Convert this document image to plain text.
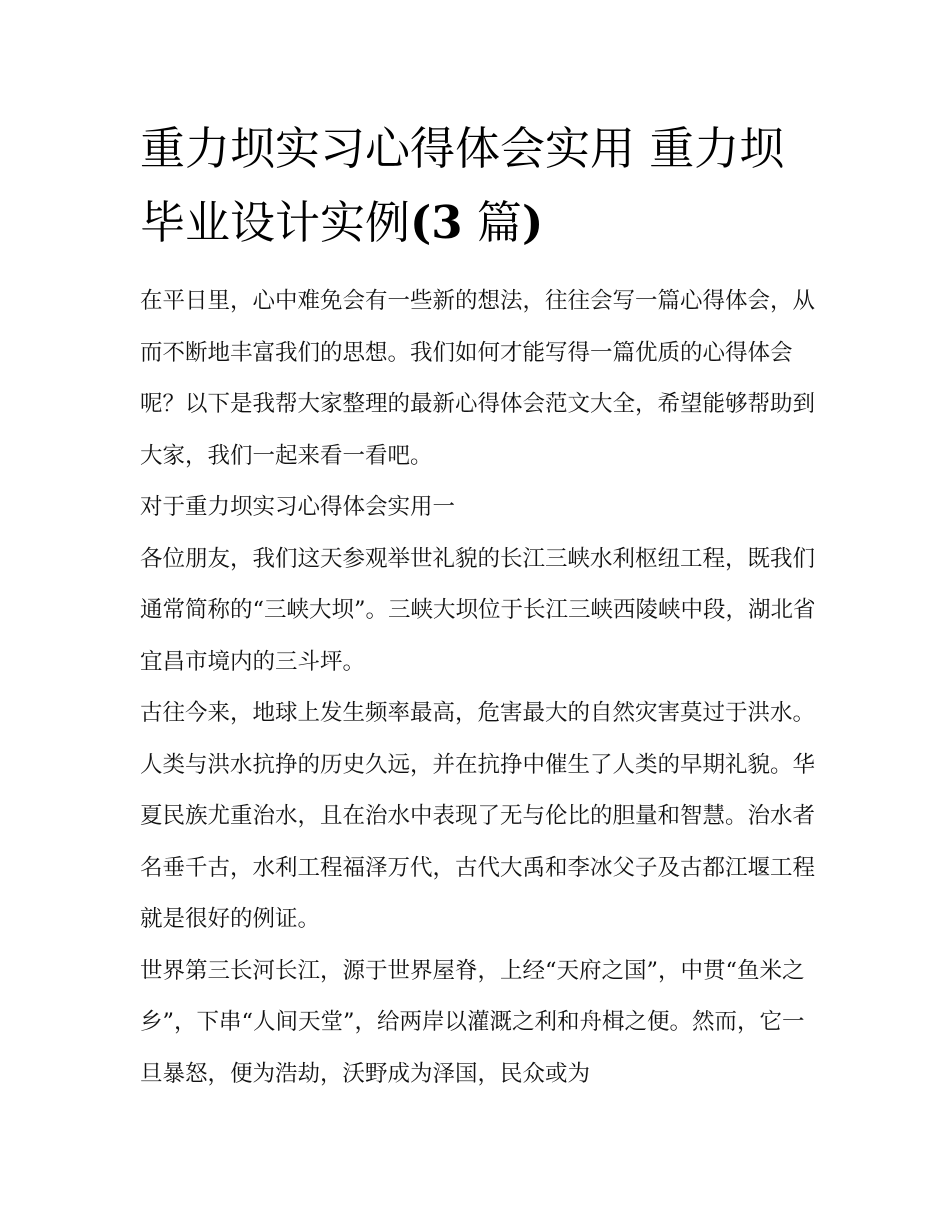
重力坝实习心得体会实用 重力坝毕业设计实例(3 篇)

在平日里，心中难免会有一些新的想法，往往会写一篇心得体会，从而不断地丰富我们的思想。我们如何才能写得一篇优质的心得体会呢？以下是我帮大家整理的最新心得体会范文大全，希望能够帮助到大家，我们一起来看一看吧。

对于重力坝实习心得体会实用一

各位朋友，我们这天参观举世礼貌的长江三峡水利枢纽工程，既我们通常简称的“三峡大坝”。三峡大坝位于长江三峡西陵峡中段，湖北省宜昌市境内的三斗坪。

古往今来，地球上发生频率最高，危害最大的自然灾害莫过于洪水。人类与洪水抗挣的历史久远，并在抗挣中催生了人类的早期礼貌。华夏民族尤重治水，且在治水中表现了无与伦比的胆量和智慧。治水者名垂千古，水利工程福泽万代，古代大禹和李冰父子及古都江堰工程就是很好的例证。

世界第三长河长江，源于世界屋脊，上经“天府之国”，中贯“鱼米之乡”，下串“人间天堂”，给两岸以灌溉之利和舟楫之便。然而，它一旦暴怒，便为浩劫，沃野成为泽国，民众或为
